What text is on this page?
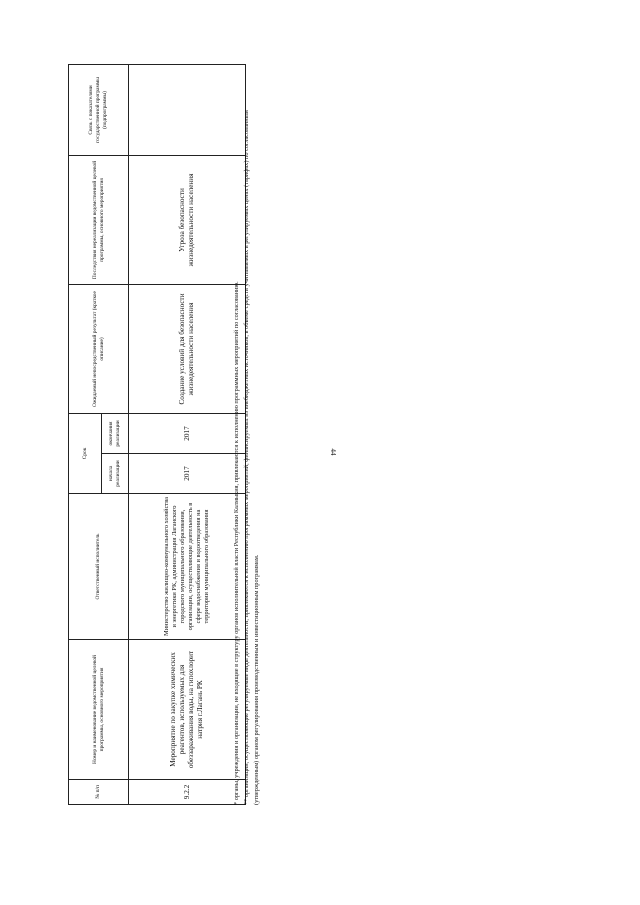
44
№ п/п	Номер и наименование ведомственной целевой программы, основного мероприятия	Ответственный исполнитель	Срок		Ожидаемый непосредственный результат (краткое описание)	Последствия нереализации ведомственной целевой программы, основного мероприятия	Связь с показателями государственной программы (подпрограммы)
			начала реализации	окончания реализации			
9.2.2	Мероприятие по закупке химических реагентов, используемых для обеззараживания воды, на гипохлорит натрия г.Лагань РК	Министерство жилищно-коммунального хозяйства и энергетики РК, администрация Лаганского городского муниципального образования, организации, осуществляющие деятельность в сфере водоснабжения и водоотведения на территории муниципального образования	2017	2017	Создание условий для безопасности жизнедеятельности населения	Угроза безопасности жизнедеятельности населения	

* органы, учреждения и организации, не входящие в структуру органов исполнительной власти Республики Калмыкия, привлекаются к исполнению программных мероприятий по согласованию. ** организации, осуществляющие регулируемые виды деятельности, привлекаются к исполнению программных мероприятий, финансируемых из внебюджетных источников, в объеме средств учитываемых в регулируемых ценах (тарифах) по согласованным (утвержденным) органом регулирования производственным и инвестиционным программам.
